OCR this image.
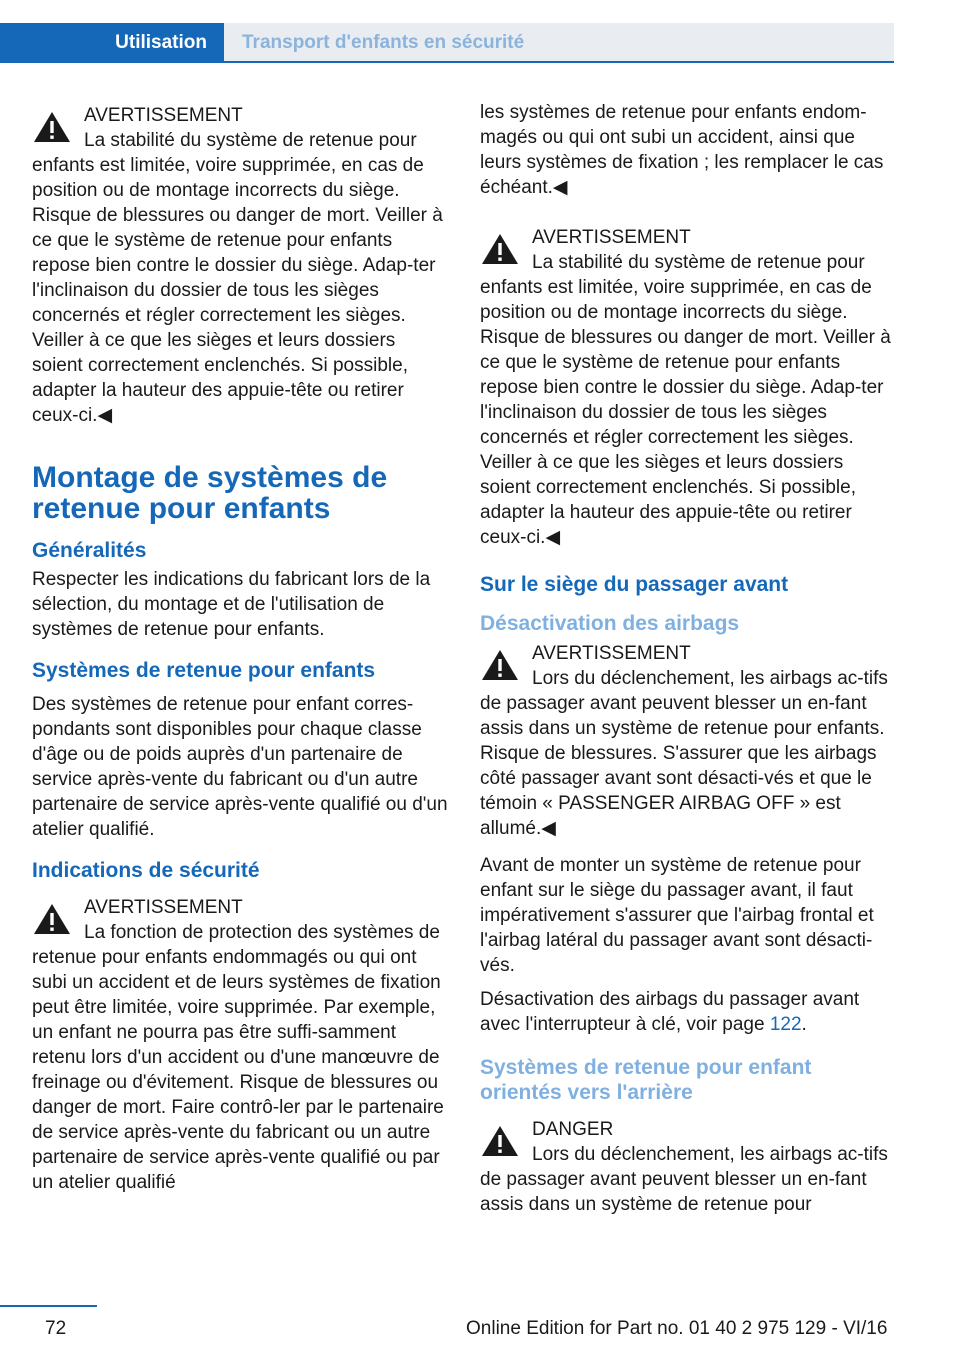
Utilisation Transport d'enfants en sécurité
AVERTISSEMENT

La stabilité du système de retenue pour enfants est limitée, voire supprimée, en cas de position ou de montage incorrects du siège. Risque de blessures ou danger de mort. Veiller à ce que le système de retenue pour enfants repose bien contre le dossier du siège. Adap‐ter l'inclinaison du dossier de tous les sièges concernés et régler correctement les sièges. Veiller à ce que les sièges et leurs dossiers soient correctement enclenchés. Si possible, adapter la hauteur des appuie-tête ou retirer ceux-ci.◀

Montage de systèmes de retenue pour enfants
Généralités

Respecter les indications du fabricant lors de la sélection, du montage et de l'utilisation de systèmes de retenue pour enfants.

Systèmes de retenue pour enfants

Des systèmes de retenue pour enfant corres‐pondants sont disponibles pour chaque classe d'âge ou de poids auprès d'un partenaire de service après-vente du fabricant ou d'un autre partenaire de service après-vente qualifié ou d'un atelier qualifié.

Indications de sécurité
AVERTISSEMENT

La fonction de protection des systèmes de retenue pour enfants endommagés ou qui ont subi un accident et de leurs systèmes de fixation peut être limitée, voire supprimée. Par exemple, un enfant ne pourra pas être suffi‐samment retenu lors d'un accident ou d'une manœuvre de freinage ou d'évitement. Risque de blessures ou danger de mort. Faire contrô‐ler par le partenaire de service après-vente du fabricant ou un autre partenaire de service après-vente qualifié ou par un atelier qualifié

les systèmes de retenue pour enfants endom‐magés ou qui ont subi un accident, ainsi que leurs systèmes de fixation ; les remplacer le cas échéant.◀

AVERTISSEMENT

La stabilité du système de retenue pour enfants est limitée, voire supprimée, en cas de position ou de montage incorrects du siège. Risque de blessures ou danger de mort. Veiller à ce que le système de retenue pour enfants repose bien contre le dossier du siège. Adap‐ter l'inclinaison du dossier de tous les sièges concernés et régler correctement les sièges. Veiller à ce que les sièges et leurs dossiers soient correctement enclenchés. Si possible, adapter la hauteur des appuie-tête ou retirer ceux-ci.◀

Sur le siège du passager avant
Désactivation des airbags
AVERTISSEMENT

Lors du déclenchement, les airbags ac‐tifs de passager avant peuvent blesser un en‐fant assis dans un système de retenue pour enfants. Risque de blessures. S'assurer que les airbags côté passager avant sont désacti‐vés et que le témoin « PASSENGER AIRBAG OFF » est allumé.◀

Avant de monter un système de retenue pour enfant sur le siège du passager avant, il faut impérativement s'assurer que l'airbag frontal et l'airbag latéral du passager avant sont désacti‐vés.

Désactivation des airbags du passager avant avec l'interrupteur à clé, voir page 122.

Systèmes de retenue pour enfant orientés vers l'arrière
DANGER

Lors du déclenchement, les airbags ac‐tifs de passager avant peuvent blesser un en‐fant assis dans un système de retenue pour

72	Online Edition for Part no. 01 40 2 975 129 - VI/16
